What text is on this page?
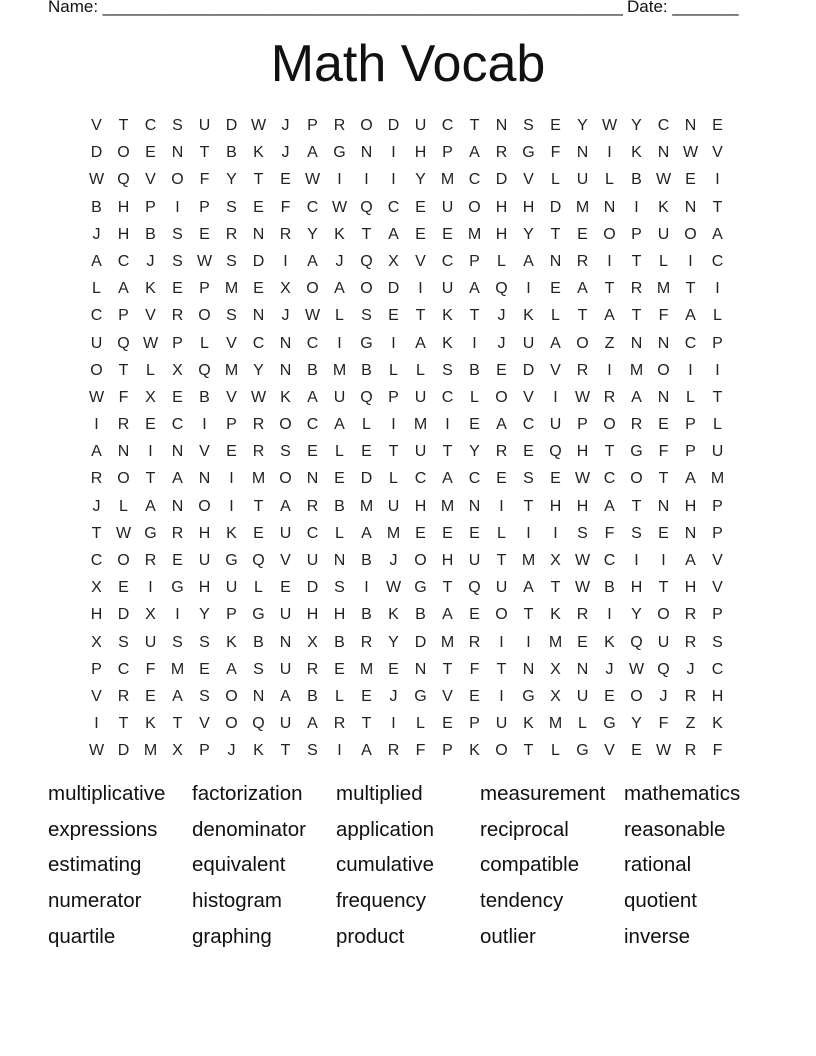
Name: _______________________________________________________ Date: _______
Math Vocab
V	T	C S U D W J	P R O D U C	T	N S	E	Y W Y C N E
D O E N	T	B	K	J	A G N	I	H P	A R G F	N	I	K N W V
W Q V O F	Y	T	E W	I	I	I	Y M C D V	L	U	L	B W E	I
B H P	I	P	S	E	F	C W Q C E U O H H D M N	I	K N	T
J	H B	S	E R N R Y	K	T	A	E	E M H Y	T	E O P U O A
A C	J	S W S D	I	A	J	Q X	V C P	L	A N R	I	T	L	I	C
L	A	K	E	P M E	X O A O D	I	U A Q	I	E	A	T	R M T	I
C P	V R O S N	J W L	S	E	T	K	T	J	K	L	T	A	T	F	A	L
U Q W P	L	V C N C	I	G	I	A	K	I	J	U A O Z	N N C P
O T	L	X Q M Y N B M B	L	L	S	B	E D V R	I	M O	I	I
W F	X	E	B	V W K	A U Q P U C	L	O V	I	W R A N	L	T
I	R E C	I	P R O C A	L	I	M	I	E	A C U P O R E	P	L
A N	I	N V	E R S	E	L	E	T	U	T	Y R E Q H	T G F	P U
R O T	A N	I	M O N E D	L	C A C E	S	E W C O T	A M
J	L	A N O	I	T	A R B M U H M N	I	T	H H A	T	N H P
T W G R H K	E U C	L	A M E	E	E	L	I	I	S	F	S	E N P
C O R E U G Q V U N B	J	O H U	T M X W C	I	I	A	V
X	E	I	G H U	L	E D S	I	W G T Q U A	T W B H	T	H V
H D X	I	Y	P G U H H B	K	B	A	E O T	K R	I	Y O R P
X	S U S	S	K	B N X	B R Y D M R	I	I	M E	K Q U R S
P C	F M E	A	S U R E M E N	T	F	T	N X N	J W Q	J	C
V R E	A	S O N A	B	L	E	J	G V	E	I	G X U E O	J	R H
I	T	K	T	V O Q U A R	T	I	L	E	P U K M L	G Y	F	Z	K
W D M X	P	J	K	T	S	I	A R	F	P	K O T	L	G V	E W R	F
multiplicative	factorization	multiplied	measurement mathematics
expressions	denominator	application	reciprocal	reasonable
estimating	equivalent	cumulative	compatible	rational
numerator	histogram	frequency	tendency	quotient
quartile	graphing	product	outlier	inverse
